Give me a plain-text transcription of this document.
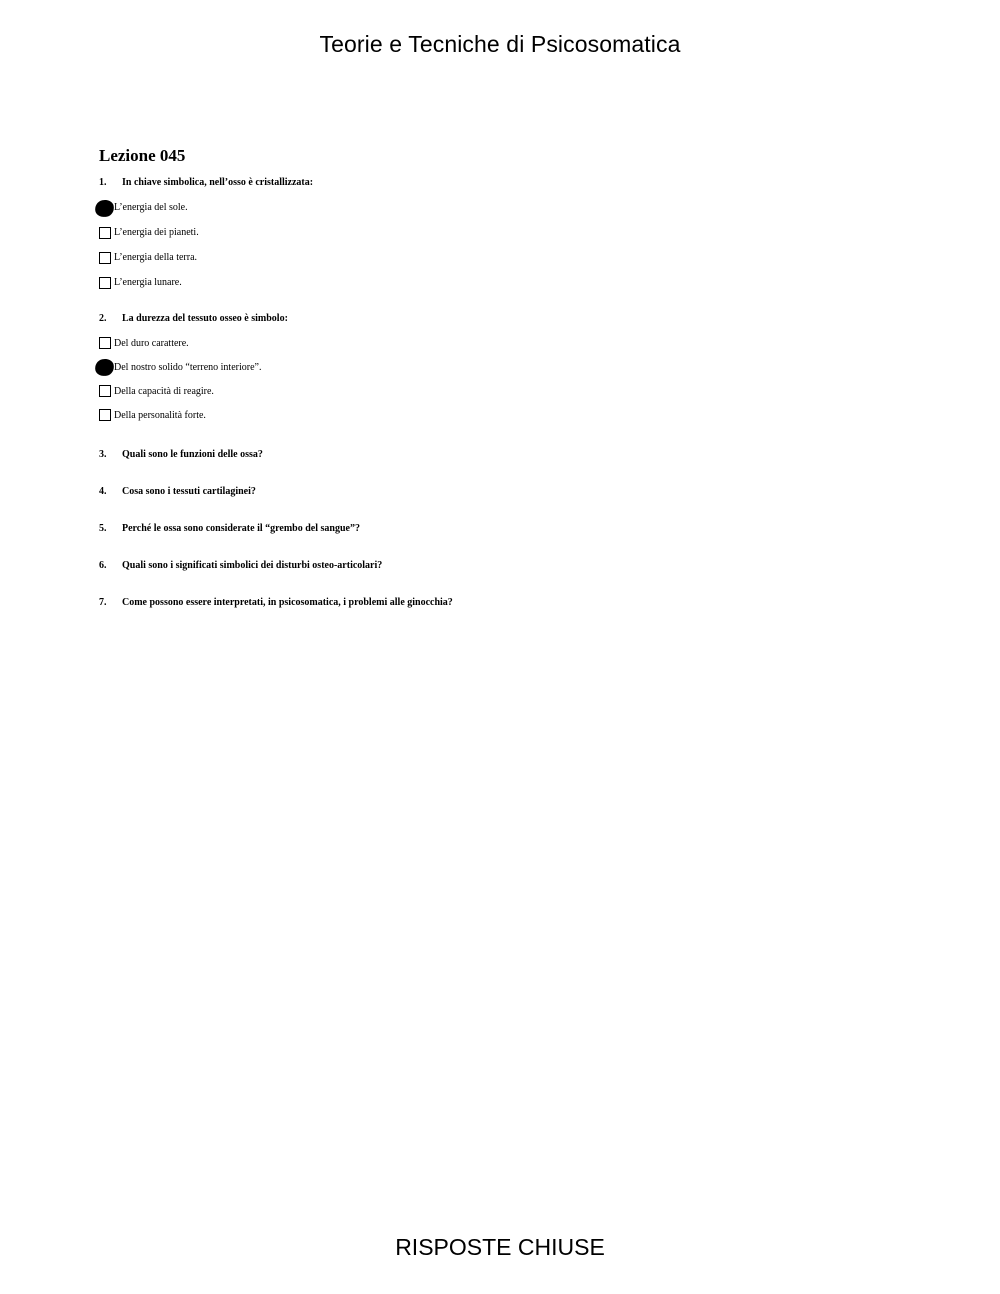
Teorie e Tecniche di Psicosomatica
Lezione 045
1.	In chiave simbolica, nell’osso è cristallizzata:
L’energia del sole.
L’energia dei pianeti.
L’energia della terra.
L’energia lunare.
2.	La durezza del tessuto osseo è simbolo:
Del duro carattere.
Del nostro solido “terreno interiore”.
Della capacità di reagire.
Della personalità forte.
3.	Quali sono le funzioni delle ossa?
4.	Cosa sono i tessuti cartilaginei?
5.	Perché le ossa sono considerate il “grembo del sangue”?
6.	Quali sono i significati simbolici dei disturbi osteo-articolari?
7.	Come possono essere interpretati, in psicosomatica, i problemi alle ginocchia?
RISPOSTE CHIUSE
